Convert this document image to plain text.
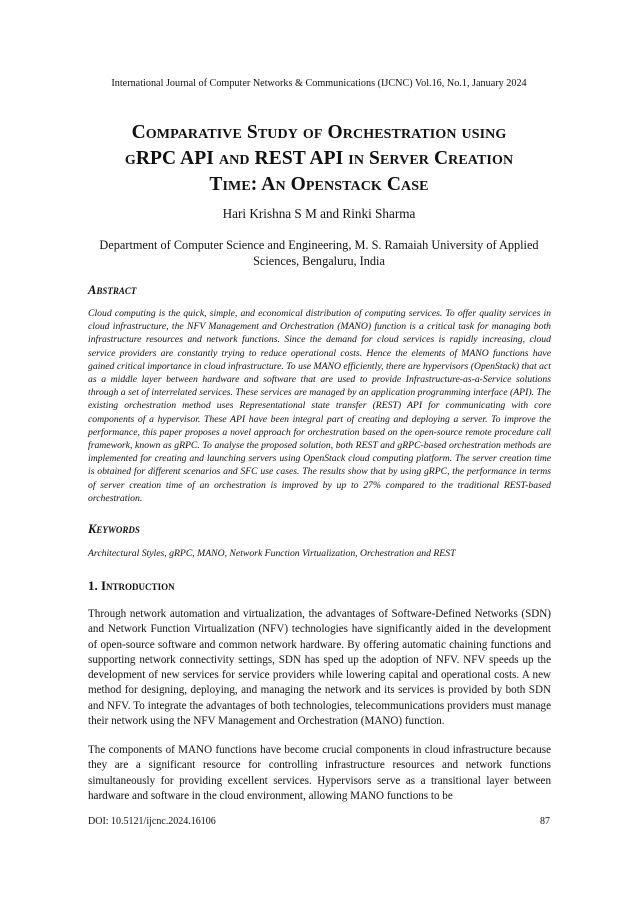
International Journal of Computer Networks & Communications (IJCNC) Vol.16, No.1, January 2024
Comparative Study of Orchestration using
gRPC API and REST API in Server Creation
Time: An Openstack Case
Hari Krishna S M and Rinki Sharma
Department of Computer Science and Engineering, M. S. Ramaiah University of Applied Sciences, Bengaluru, India
Abstract

Cloud computing is the quick, simple, and economical distribution of computing services. To offer quality services in cloud infrastructure, the NFV Management and Orchestration (MANO) function is a critical task for managing both infrastructure resources and network functions. Since the demand for cloud services is rapidly increasing, cloud service providers are constantly trying to reduce operational costs. Hence the elements of MANO functions have gained critical importance in cloud infrastructure. To use MANO efficiently, there are hypervisors (OpenStack) that act as a middle layer between hardware and software that are used to provide Infrastructure-as-a-Service solutions through a set of interrelated services. These services are managed by an application programming interface (API). The existing orchestration method uses Representational state transfer (REST) API for communicating with core components of a hypervisor. These API have been integral part of creating and deploying a server. To improve the performance, this paper proposes a novel approach for orchestration based on the open-source remote procedure call framework, known as gRPC. To analyse the proposed solution, both REST and gRPC-based orchestration methods are implemented for creating and launching servers using OpenStack cloud computing platform. The server creation time is obtained for different scenarios and SFC use cases. The results show that by using gRPC, the performance in terms of server creation time of an orchestration is improved by up to 27% compared to the traditional REST-based orchestration.

Keywords

Architectural Styles, gRPC, MANO, Network Function Virtualization, Orchestration and REST

1. Introduction

Through network automation and virtualization, the advantages of Software-Defined Networks (SDN) and Network Function Virtualization (NFV) technologies have significantly aided in the development of open-source software and common network hardware. By offering automatic chaining functions and supporting network connectivity settings, SDN has sped up the adoption of NFV. NFV speeds up the development of new services for service providers while lowering capital and operational costs. A new method for designing, deploying, and managing the network and its services is provided by both SDN and NFV. To integrate the advantages of both technologies, telecommunications providers must manage their network using the NFV Management and Orchestration (MANO) function.

The components of MANO functions have become crucial components in cloud infrastructure because they are a significant resource for controlling infrastructure resources and network functions simultaneously for providing excellent services. Hypervisors serve as a transitional layer between hardware and software in the cloud environment, allowing MANO functions to be

DOI: 10.5121/ijcnc.2024.16106	87
